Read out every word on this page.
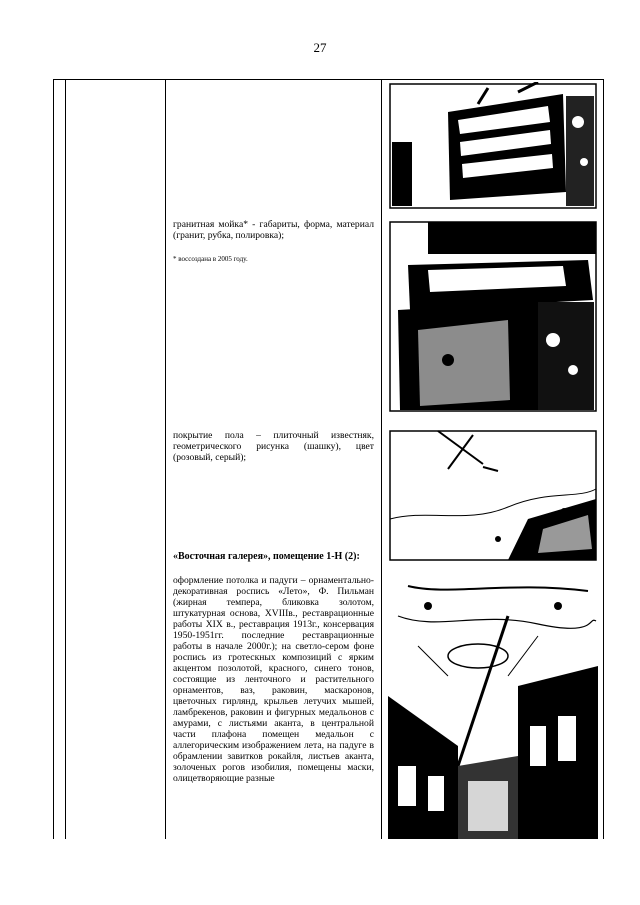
27
гранитная мойка* - габариты, форма, материал (гранит, рубка, полировка);
* воссоздана в 2005 году.
покрытие пола – плиточный известняк, геометрического рисунка (шашку), цвет (розовый, серый);
«Восточная галерея», помещение 1-Н (2):
оформление потолка и падуги – орнаментально-декоративная роспись «Лето», Ф. Пильман (жирная темпера, бликовка золотом, штукатурная основа, XVIIIв., реставрационные работы XIX в., реставрация 1913г., консервация 1950-1951гг. последние реставрационные работы в начале 2000г.); на светло-сером фоне роспись из гротескных композиций с ярким акцентом позолотой, красного, синего тонов, состоящие из ленточного и растительного орнаментов, ваз, раковин, маскаронов, цветочных гирлянд, крыльев летучих мышей, ламбрекенов, раковин и фигурных медальонов с амурами, с листьями аканта, в центральной части плафона помещен медальон с аллегорическим изображением лета, на падуге в обрамлении завитков рокайля, листьев аканта, золоченых рогов изобилия, помещены маски, олицетворяющие разные
